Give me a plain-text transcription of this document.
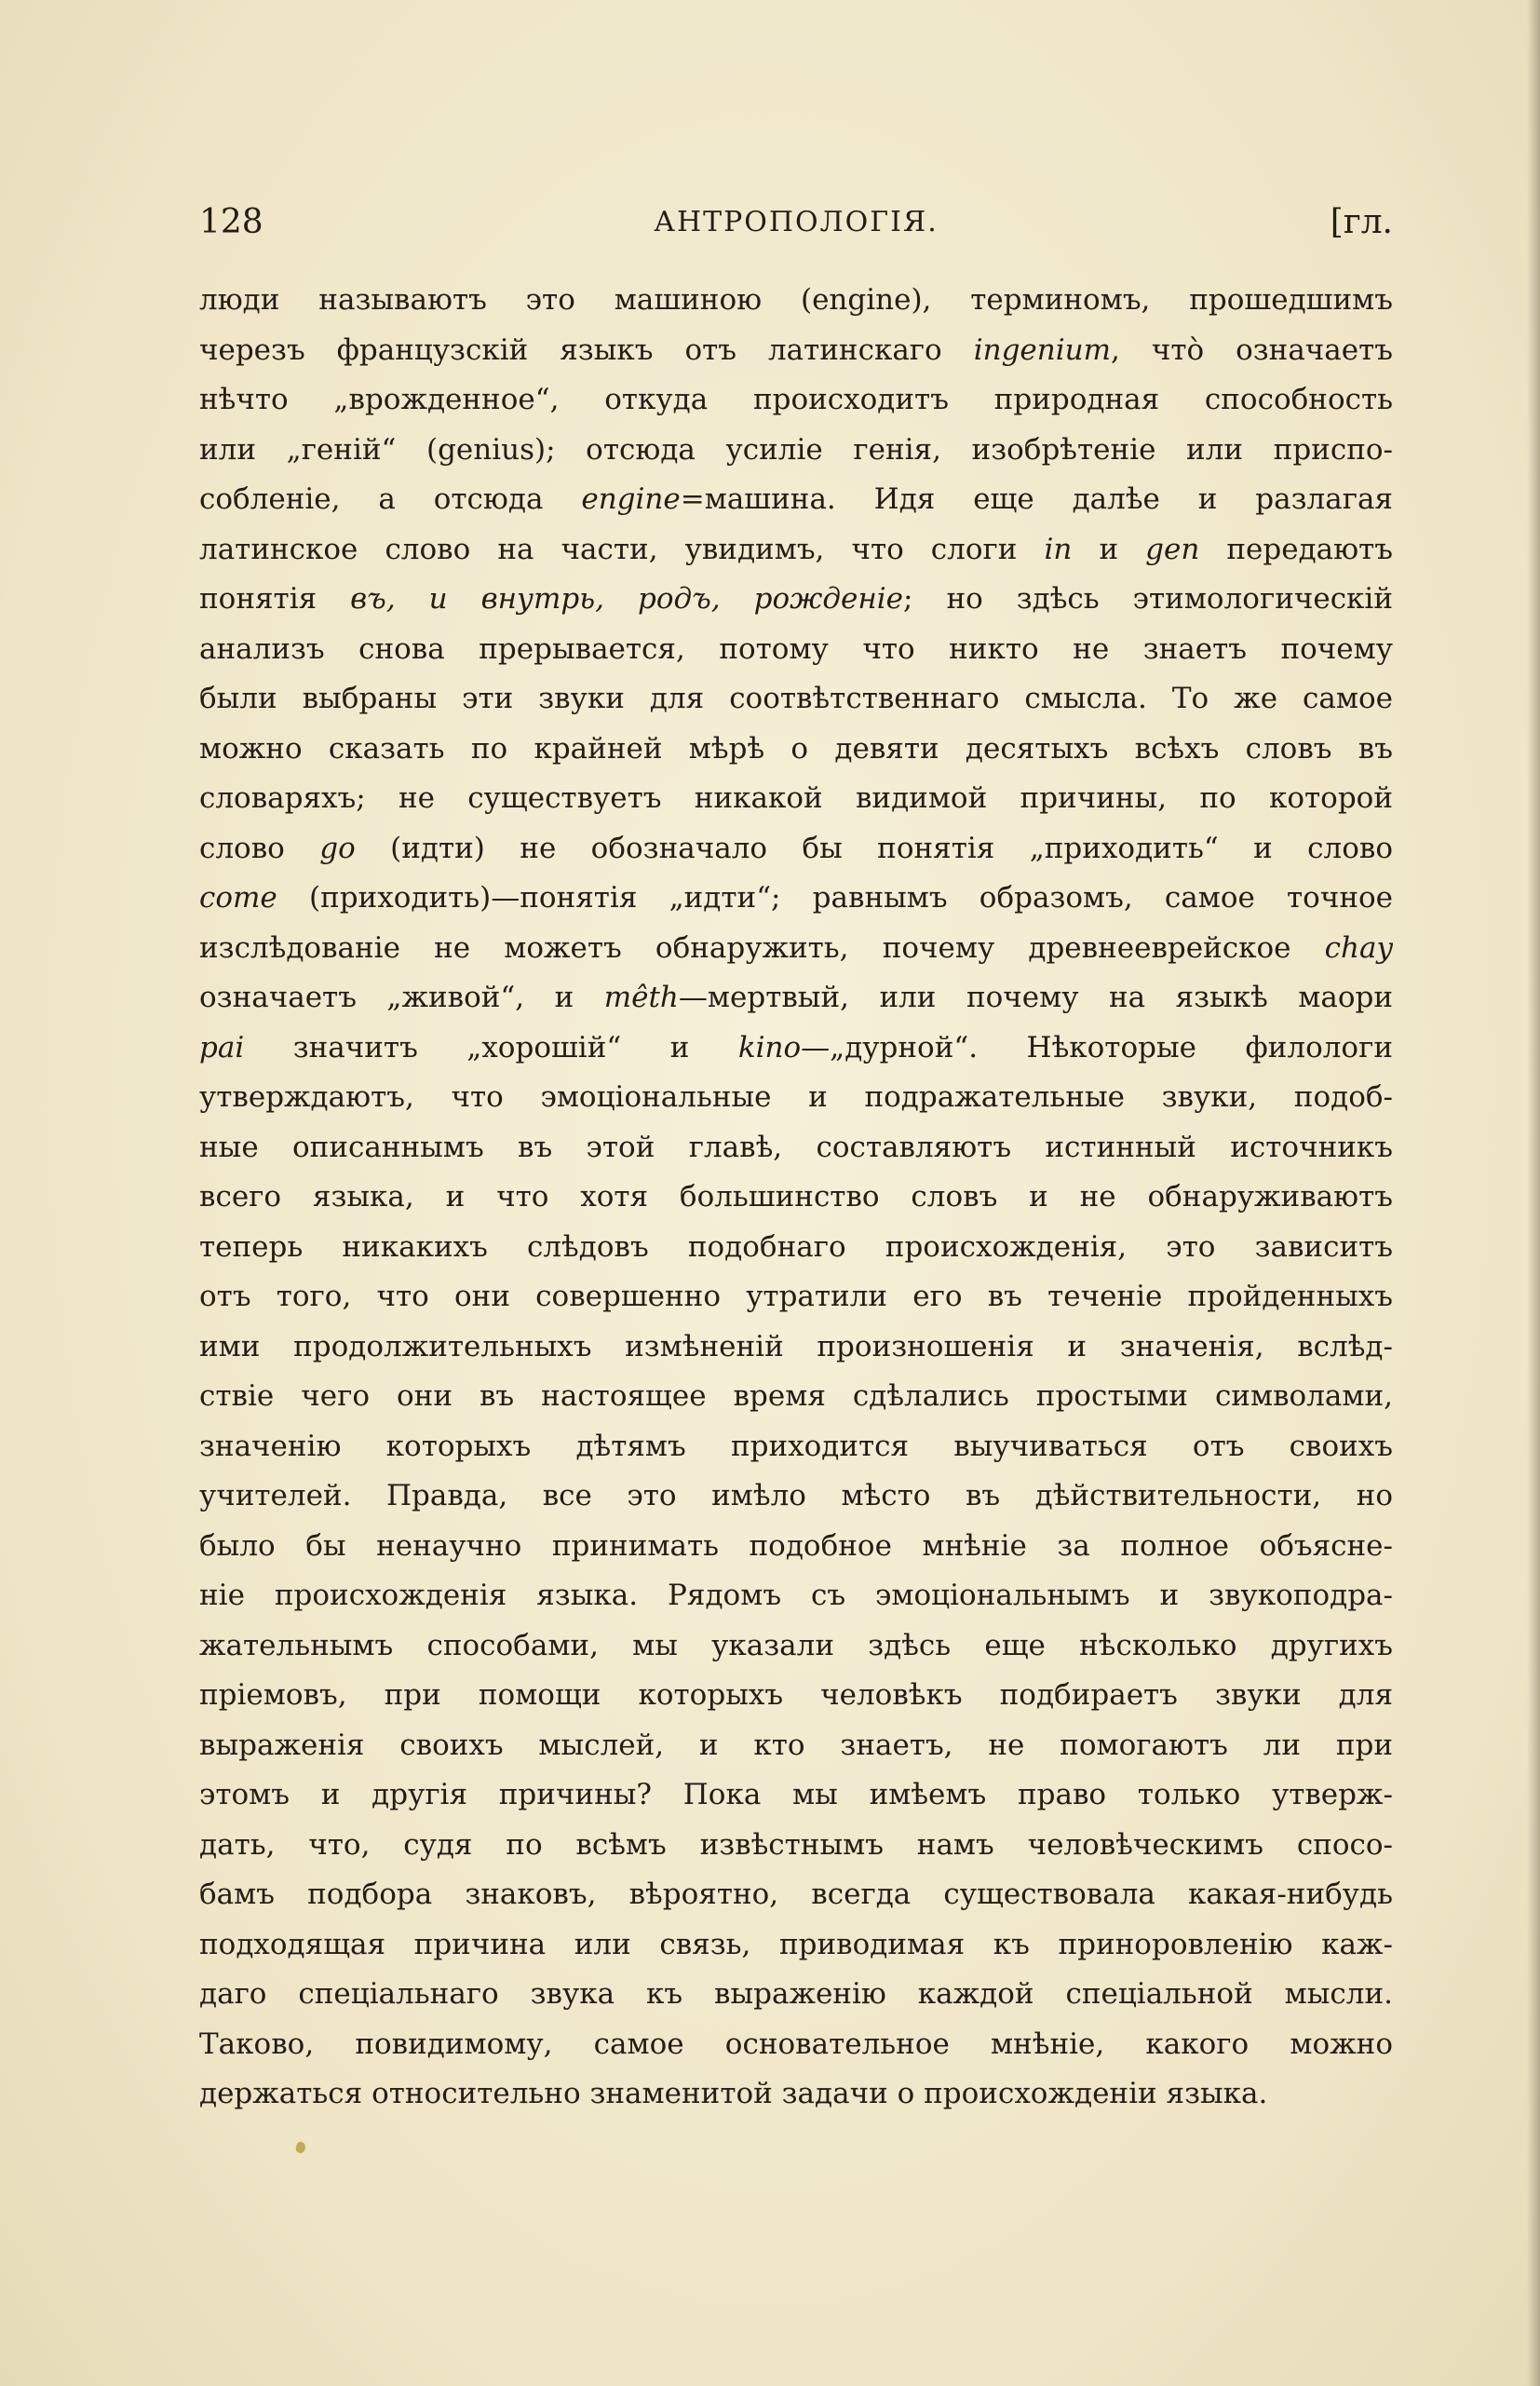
128	АНТРОПОЛОГІЯ.	[гл.
люди называютъ это машиною (engine), терминомъ, прошедшимъ
черезъ французскій языкъ отъ латинскаго ingenium, что̀ означаетъ
нѣчто „врожденное“, откуда происходитъ природная способность
или „геній“ (genius); отсюда усиліе генія, изобрѣтеніе или приспо-
собленіе, а отсюда engine=машина. Идя еще далѣе и разлагая
латинское слово на части, увидимъ, что слоги in и gen передаютъ
понятія въ, и внутрь, родъ, рожденіе; но здѣсь этимологическій
анализъ снова прерывается, потому что никто не знаетъ почему
были выбраны эти звуки для соотвѣтственнаго смысла. То же самое
можно сказать по крайней мѣрѣ о девяти десятыхъ всѣхъ словъ въ
словаряхъ; не существуетъ никакой видимой причины, по которой
слово go (идти) не обозначало бы понятія „приходить“ и слово
come (приходить)—понятія „идти“; равнымъ образомъ, самое точное
изслѣдованіе не можетъ обнаружить, почему древнееврейское chay
означаетъ „живой“, и mêth—мертвый, или почему на языкѣ маори
pai значитъ „хорошій“ и kino—„дурной“. Нѣкоторые филологи
утверждаютъ, что эмоціональные и подражательные звуки, подоб-
ные описаннымъ въ этой главѣ, составляютъ истинный источникъ
всего языка, и что хотя большинство словъ и не обнаруживаютъ
теперь никакихъ слѣдовъ подобнаго происхожденія, это зависитъ
отъ того, что они совершенно утратили его въ теченіе пройденныхъ
ими продолжительныхъ измѣненій произношенія и значенія, вслѣд-
ствіе чего они въ настоящее время сдѣлались простыми символами,
значенію которыхъ дѣтямъ приходится выучиваться отъ своихъ
учителей. Правда, все это имѣло мѣсто въ дѣйствительности, но
было бы ненаучно принимать подобное мнѣніе за полное объясне-
ніе происхожденія языка. Рядомъ съ эмоціональнымъ и звукоподра-
жательнымъ способами, мы указали здѣсь еще нѣсколько другихъ
пріемовъ, при помощи которыхъ человѣкъ подбираетъ звуки для
выраженія своихъ мыслей, и кто знаетъ, не помогаютъ ли при
этомъ и другія причины? Пока мы имѣемъ право только утверж-
дать, что, судя по всѣмъ извѣстнымъ намъ человѣческимъ спосо-
бамъ подбора знаковъ, вѣроятно, всегда существовала какая-нибудь
подходящая причина или связь, приводимая къ приноровленію каж-
даго спеціальнаго звука къ выраженію каждой спеціальной мысли.
Таково, повидимому, самое основательное мнѣніе, какого можно
держаться относительно знаменитой задачи о происхожденіи языка.
